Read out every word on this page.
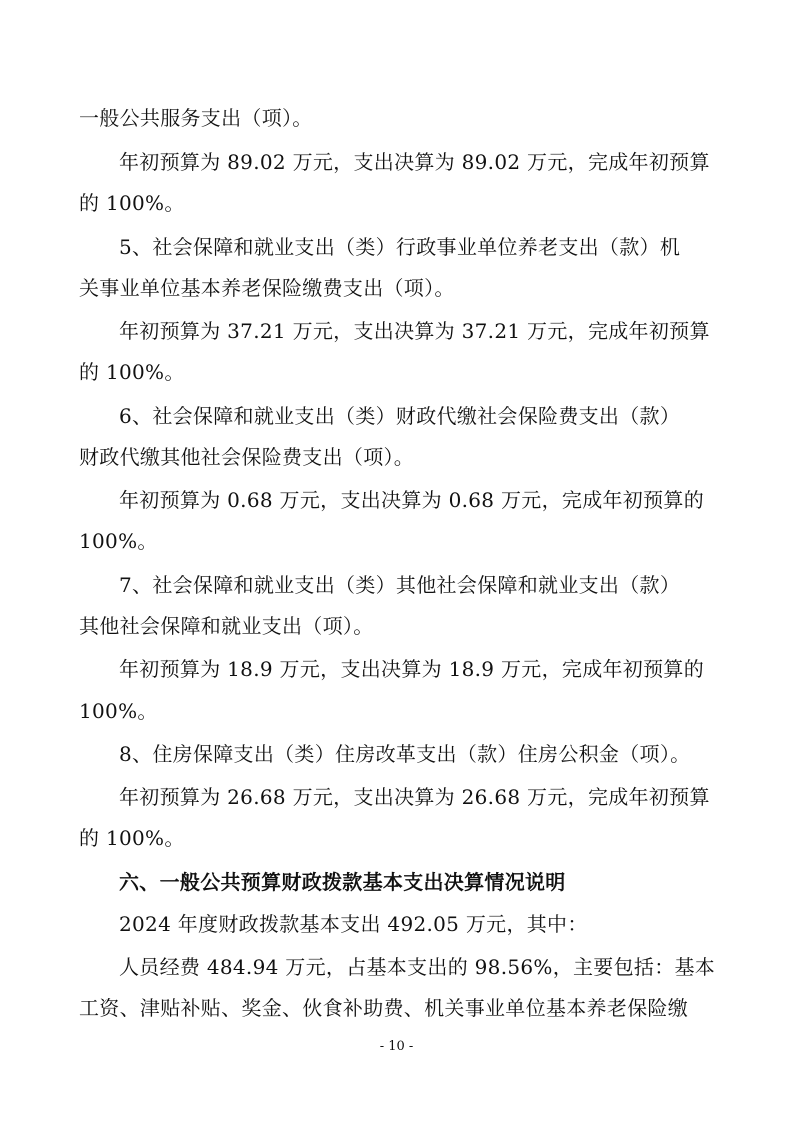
一般公共服务支出（项）。
年初预算为 89.02 万元，支出决算为 89.02 万元，完成年初预算
的 100%。
5、社会保障和就业支出（类）行政事业单位养老支出（款）机
关事业单位基本养老保险缴费支出（项）。
年初预算为 37.21 万元，支出决算为 37.21 万元，完成年初预算
的 100%。
6、社会保障和就业支出（类）财政代缴社会保险费支出（款）
财政代缴其他社会保险费支出（项）。
年初预算为 0.68 万元，支出决算为 0.68 万元，完成年初预算的
100%。
7、社会保障和就业支出（类）其他社会保障和就业支出（款）
其他社会保障和就业支出（项）。
年初预算为 18.9 万元，支出决算为 18.9 万元，完成年初预算的
100%。
8、住房保障支出（类）住房改革支出（款）住房公积金（项）。
年初预算为 26.68 万元，支出决算为 26.68 万元，完成年初预算
的 100%。
六、一般公共预算财政拨款基本支出决算情况说明
2024 年度财政拨款基本支出 492.05 万元，其中：
人员经费 484.94 万元，占基本支出的 98.56%，主要包括：基本
工资、津贴补贴、奖金、伙食补助费、机关事业单位基本养老保险缴
- 10 -
